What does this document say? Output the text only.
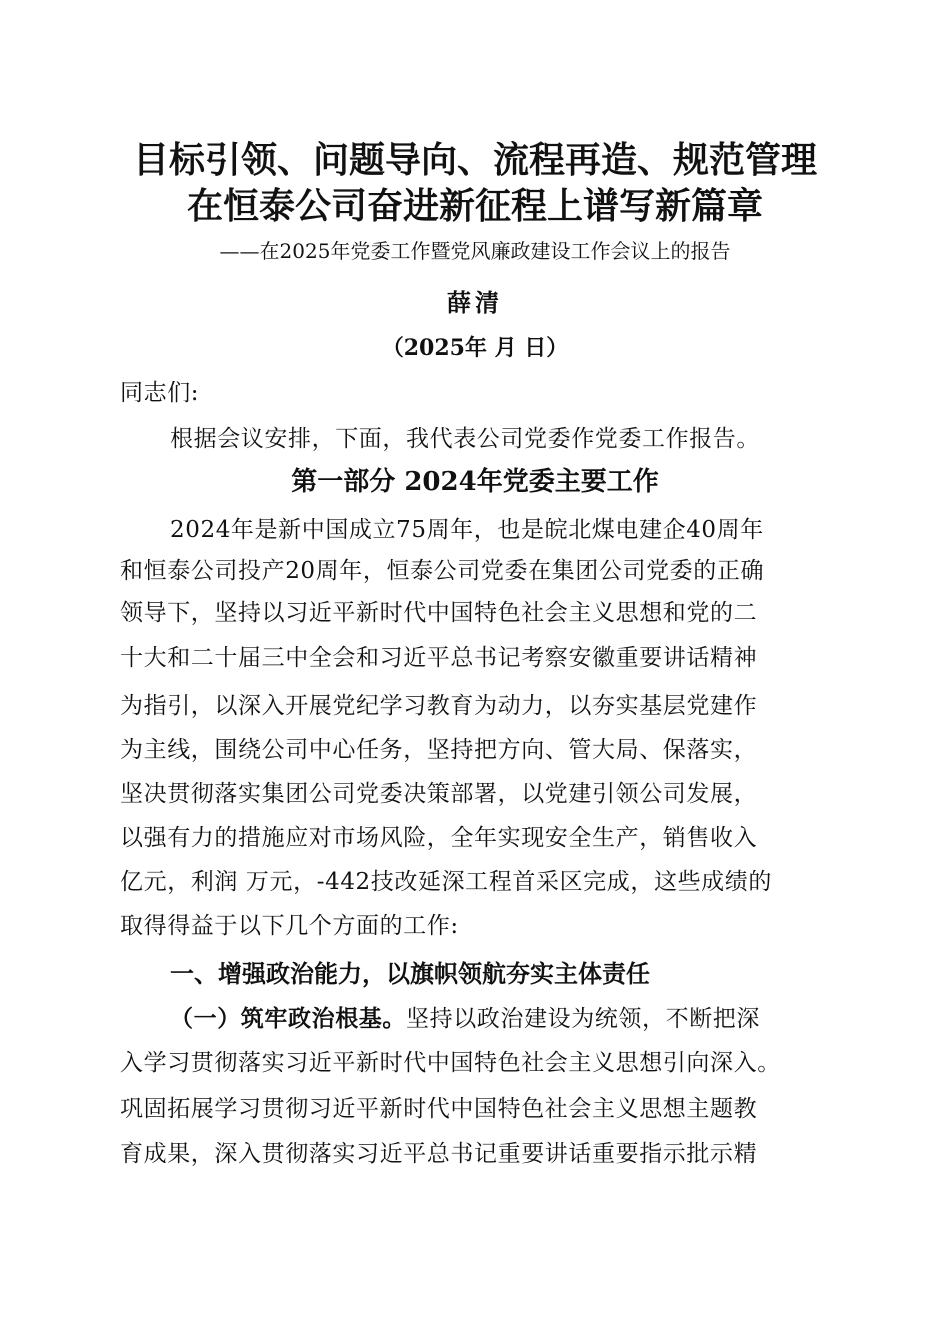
目标引领、问题导向、流程再造、规范管理
在恒泰公司奋进新征程上谱写新篇章
——在2025年党委工作暨党风廉政建设工作会议上的报告
薛清
（2025年 月 日）
同志们:
根据会议安排，下面，我代表公司党委作党委工作报告。
第一部分 2024年党委主要工作
2024年是新中国成立75周年，也是皖北煤电建企40周年
和恒泰公司投产20周年，恒泰公司党委在集团公司党委的正确
领导下，坚持以习近平新时代中国特色社会主义思想和党的二
十大和二十届三中全会和习近平总书记考察安徽重要讲话精神
为指引，以深入开展党纪学习教育为动力，以夯实基层党建作
为主线，围绕公司中心任务，坚持把方向、管大局、保落实，
坚决贯彻落实集团公司党委决策部署，以党建引领公司发展，
以强有力的措施应对市场风险，全年实现安全生产，销售收入
亿元，利润 万元，-442技改延深工程首采区完成，这些成绩的
取得得益于以下几个方面的工作:
一、增强政治能力，以旗帜领航夯实主体责任
（一）筑牢政治根基。坚持以政治建设为统领，不断把深
入学习贯彻落实习近平新时代中国特色社会主义思想引向深入。
巩固拓展学习贯彻习近平新时代中国特色社会主义思想主题教
育成果，深入贯彻落实习近平总书记重要讲话重要指示批示精
